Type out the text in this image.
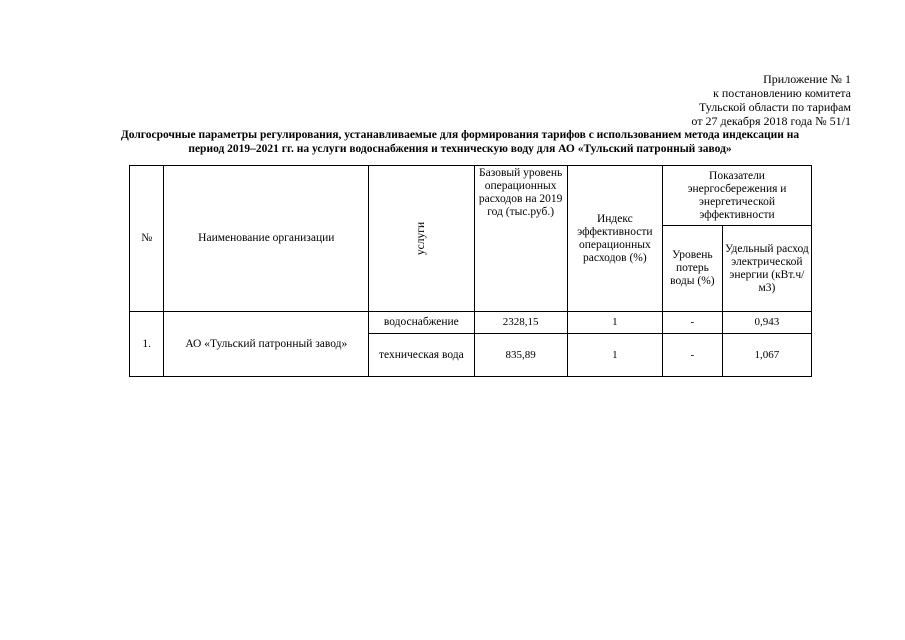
Приложение № 1
к постановлению комитета
Тульской области по тарифам
от 27 декабря 2018 года № 51/1
Долгосрочные параметры регулирования, устанавливаемые для формирования тарифов с использованием метода индексации на
период 2019–2021 гг. на услуги водоснабжения и техническую воду для АО «Тульский патронный завод»
№	Наименование организации	услуги	Базовый уровень операционных расходов на 2019 год (тыс.руб.)	Индекс эффективности операционных расходов (%)	Показатели энергосбережения и энергетической эффективности	
					Уровень потерь воды (%)	Удельный расход электрической энергии (кВт.ч/м3)
1.	АО «Тульский патронный завод»	водоснабжение	2328,15	1	-	0,943
		техническая вода	835,89	1	-	1,067
